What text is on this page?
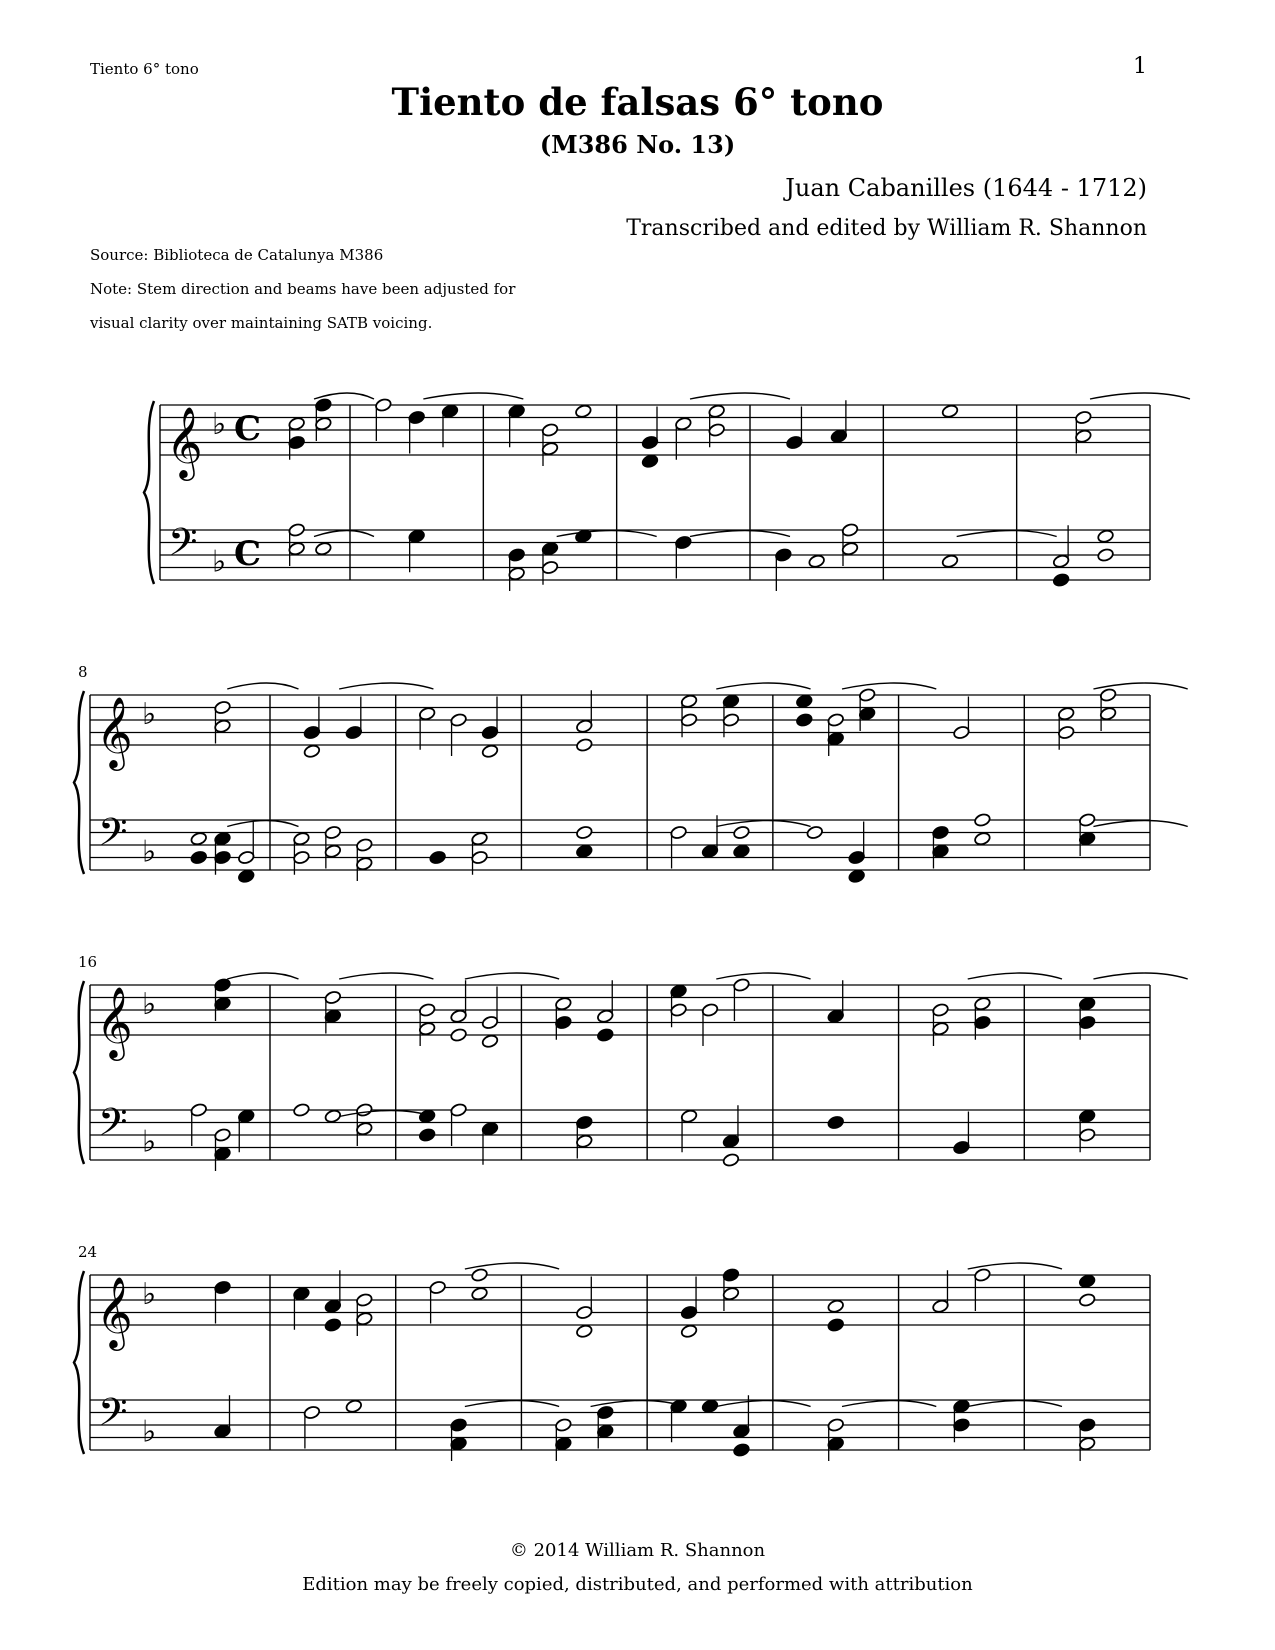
Tiento 6° tono	1
Tiento de falsas 6° tono
(M386 No. 13)
Juan Cabanilles (1644 - 1712)
Transcribed and edited by William R. Shannon
Source: Biblioteca de Catalunya M386
Note: Stem direction and beams have been adjusted for
visual clarity over maintaining SATB voicing.
𝄞
𝄢
♭
♭
C
C
𝄞
𝄢
♭
♭
8
𝄞
𝄢
♭
♭
16
𝄞
𝄢
♭
♭
24
© 2014 William R. Shannon
Edition may be freely copied, distributed, and performed with attribution
